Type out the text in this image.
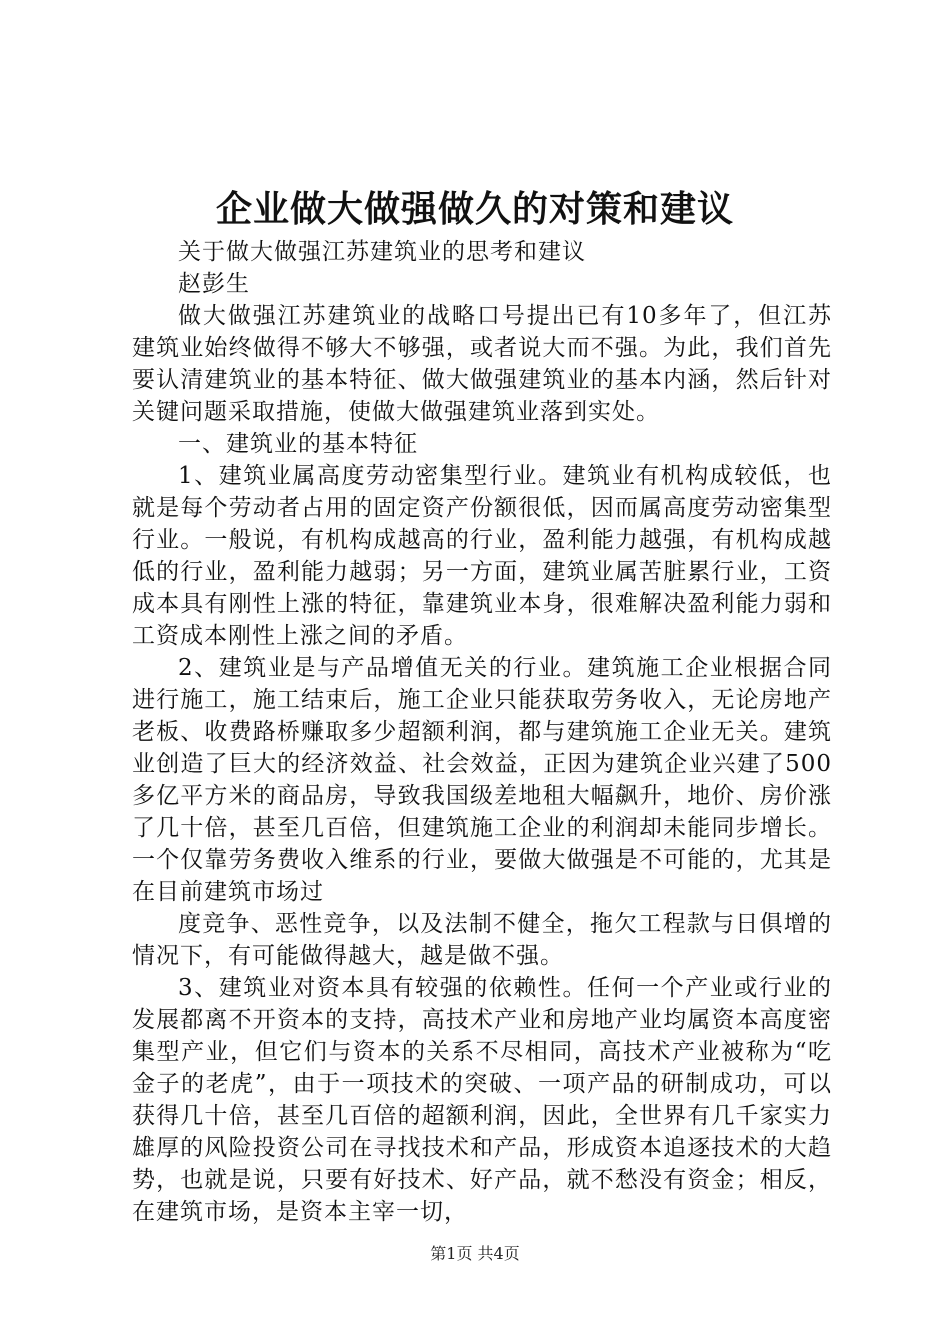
企业做大做强做久的对策和建议

关于做大做强江苏建筑业的思考和建议

赵彭生

做大做强江苏建筑业的战略口号提出已有10多年了，但江苏建筑业始终做得不够大不够强，或者说大而不强。为此，我们首先要认清建筑业的基本特征、做大做强建筑业的基本内涵，然后针对关键问题采取措施，使做大做强建筑业落到实处。

一、建筑业的基本特征

1、建筑业属高度劳动密集型行业。建筑业有机构成较低，也就是每个劳动者占用的固定资产份额很低，因而属高度劳动密集型行业。一般说，有机构成越高的行业，盈利能力越强，有机构成越低的行业，盈利能力越弱；另一方面，建筑业属苦脏累行业，工资成本具有刚性上涨的特征，靠建筑业本身，很难解决盈利能力弱和工资成本刚性上涨之间的矛盾。

2、建筑业是与产品增值无关的行业。建筑施工企业根据合同进行施工，施工结束后，施工企业只能获取劳务收入，无论房地产老板、收费路桥赚取多少超额利润，都与建筑施工企业无关。建筑业创造了巨大的经济效益、社会效益，正因为建筑企业兴建了500多亿平方米的商品房，导致我国级差地租大幅飙升，地价、房价涨了几十倍，甚至几百倍，但建筑施工企业的利润却未能同步增长。一个仅靠劳务费收入维系的行业，要做大做强是不可能的，尤其是在目前建筑市场过

度竞争、恶性竞争，以及法制不健全，拖欠工程款与日俱增的情况下，有可能做得越大，越是做不强。

3、建筑业对资本具有较强的依赖性。任何一个产业或行业的发展都离不开资本的支持，高技术产业和房地产业均属资本高度密集型产业，但它们与资本的关系不尽相同，高技术产业被称为“吃金子的老虎”，由于一项技术的突破、一项产品的研制成功，可以获得几十倍，甚至几百倍的超额利润，因此，全世界有几千家实力雄厚的风险投资公司在寻找技术和产品，形成资本追逐技术的大趋势，也就是说，只要有好技术、好产品，就不愁没有资金；相反，在建筑市场，是资本主宰一切，

第1页 共4页
